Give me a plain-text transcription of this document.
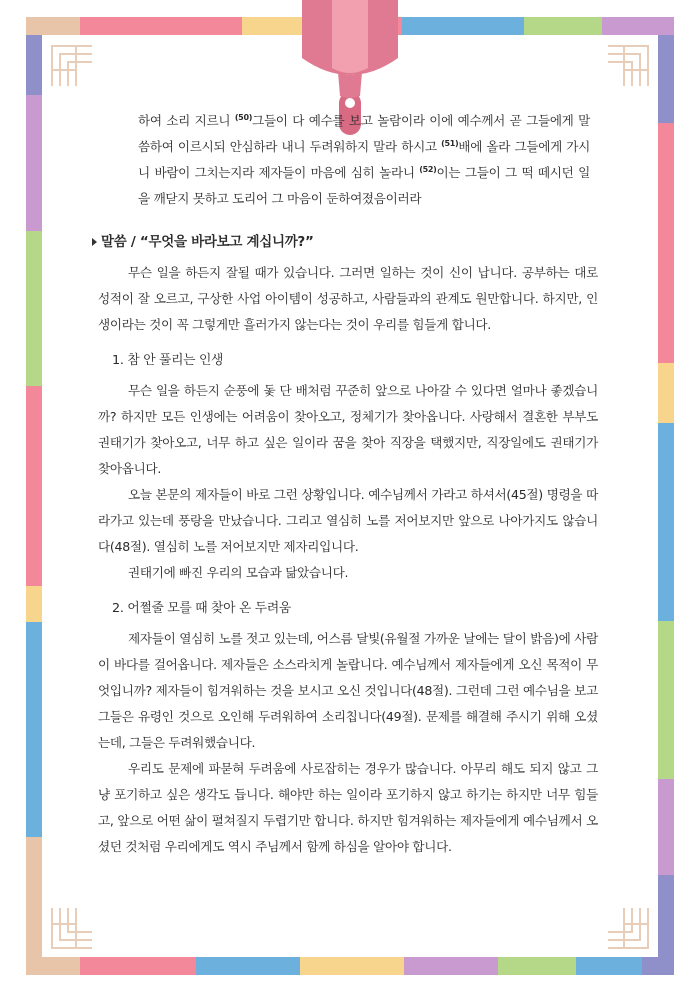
하여 소리 지르니 $^{(50)}$그들이 다 예수를 보고 놀람이라 이에 예수께서 곧 그들에게 말씀하여 이르시되 안심하라 내니 두려워하지 말라 하시고 $^{(51)}$배에 올라 그들에게 가시니 바람이 그치는지라 제자들이 마음에 심히 놀라니 $^{(52)}$이는 그들이 그 떡 떼시던 일을 깨닫지 못하고 도리어 그 마음이 둔하여졌음이러라

말씀 / “무엇을 바라보고 계십니까?”

무슨 일을 하든지 잘될 때가 있습니다. 그러면 일하는 것이 신이 납니다. 공부하는 대로 성적이 잘 오르고, 구상한 사업 아이템이 성공하고, 사람들과의 관계도 원만합니다. 하지만, 인생이라는 것이 꼭 그렇게만 흘러가지 않는다는 것이 우리를 힘들게 합니다.

1. 참 안 풀리는 인생

무슨 일을 하든지 순풍에 돛 단 배처럼 꾸준히 앞으로 나아갈 수 있다면 얼마나 좋겠습니까? 하지만 모든 인생에는 어려움이 찾아오고, 정체기가 찾아옵니다. 사랑해서 결혼한 부부도 권태기가 찾아오고, 너무 하고 싶은 일이라 꿈을 찾아 직장을 택했지만, 직장일에도 권태기가 찾아옵니다.

오늘 본문의 제자들이 바로 그런 상황입니다. 예수님께서 가라고 하셔서(45절) 명령을 따라가고 있는데 풍랑을 만났습니다. 그리고 열심히 노를 저어보지만 앞으로 나아가지도 않습니다(48절). 열심히 노를 저어보지만 제자리입니다.

권태기에 빠진 우리의 모습과 닮았습니다.

2. 어쩔줄 모를 때 찾아 온 두려움

제자들이 열심히 노를 젓고 있는데, 어스름 달빛(유월절 가까운 날에는 달이 밝음)에 사람이 바다를 걸어옵니다. 제자들은 소스라치게 놀랍니다. 예수님께서 제자들에게 오신 목적이 무엇입니까? 제자들이 힘겨워하는 것을 보시고 오신 것입니다(48절). 그런데 그런 예수님을 보고 그들은 유령인 것으로 오인해 두려워하여 소리칩니다(49절). 문제를 해결해 주시기 위해 오셨는데, 그들은 두려워했습니다.

우리도 문제에 파묻혀 두려움에 사로잡히는 경우가 많습니다. 아무리 해도 되지 않고 그냥 포기하고 싶은 생각도 듭니다. 해야만 하는 일이라 포기하지 않고 하기는 하지만 너무 힘들고, 앞으로 어떤 삶이 펼쳐질지 두렵기만 합니다. 하지만 힘겨워하는 제자들에게 예수님께서 오셨던 것처럼 우리에게도 역시 주님께서 함께 하심을 알아야 합니다.
